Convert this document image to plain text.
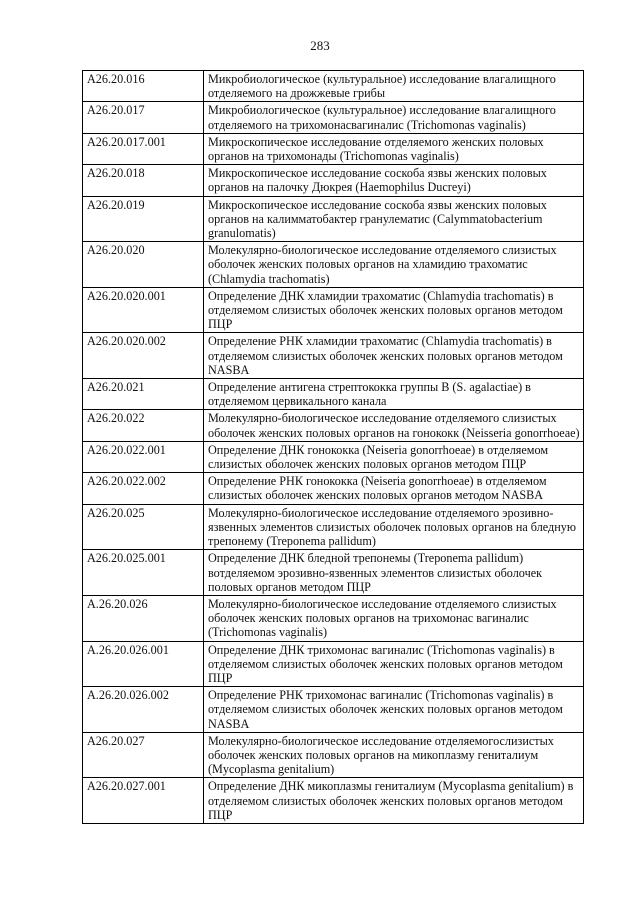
283
A26.20.016	Микробиологическое (культуральное) исследование влагалищного отделяемого на дрожжевые грибы
A26.20.017	Микробиологическое (культуральное) исследование влагалищного отделяемого на трихомонасвагиналис (Trichomonas vaginalis)
A26.20.017.001	Микроскопическое исследование отделяемого женских половых органов на трихомонады (Trichomonas vaginalis)
A26.20.018	Микроскопическое исследование соскоба язвы женских половых органов на палочку Дюкрея (Haemophilus Ducreyi)
A26.20.019	Микроскопическое исследование соскоба язвы женских половых органов на калимматобактер гранулематис (Calymmatobacterium granulomatis)
A26.20.020	Молекулярно-биологическое исследование отделяемого слизистых оболочек женских половых органов на хламидию трахоматис (Chlamydia trachomatis)
A26.20.020.001	Определение ДНК хламидии трахоматис (Chlamydia trachomatis) в отделяемом слизистых оболочек женских половых органов методом ПЦР
A26.20.020.002	Определение РНК хламидии трахоматис (Chlamydia trachomatis) в отделяемом слизистых оболочек женских половых органов методом NASBA
A26.20.021	Определение антигена стрептококка группы В (S. agalactiae) в отделяемом цервикального канала
A26.20.022	Молекулярно-биологическое исследование отделяемого слизистых оболочек женских половых органов на гонококк (Neisseria gonorrhoeae)
A26.20.022.001	Определение ДНК гонококка (Neiseria gonorrhoeae) в отделяемом слизистых оболочек женских половых органов методом ПЦР
A26.20.022.002	Определение РНК гонококка (Neiseria gonorrhoeae) в отделяемом слизистых оболочек женских половых органов методом NASBA
A26.20.025	Молекулярно-биологическое исследование отделяемого эрозивно-язвенных элементов слизистых оболочек половых органов на бледную трепонему (Treponema pallidum)
A26.20.025.001	Определение ДНК бледной трепонемы (Treponema pallidum) вотделяемом эрозивно-язвенных элементов слизистых оболочек половых органов методом ПЦР
A.26.20.026	Молекулярно-биологическое исследование отделяемого слизистых оболочек женских половых органов на трихомонас вагиналис (Trichomonas vaginalis)
A.26.20.026.001	Определение ДНК трихомонас вагиналис (Trichomonas vaginalis) в отделяемом слизистых оболочек женских половых органов методом ПЦР
A.26.20.026.002	Определение РНК трихомонас вагиналис (Trichomonas vaginalis) в отделяемом слизистых оболочек женских половых органов методом NASBA
A26.20.027	Молекулярно-биологическое исследование отделяемогослизистых оболочек женских половых органов на микоплазму гениталиум (Mycoplasma genitalium)
A26.20.027.001	Определение ДНК микоплазмы гениталиум (Mycoplasma genitalium) в отделяемом слизистых оболочек женских половых органов методом ПЦР
